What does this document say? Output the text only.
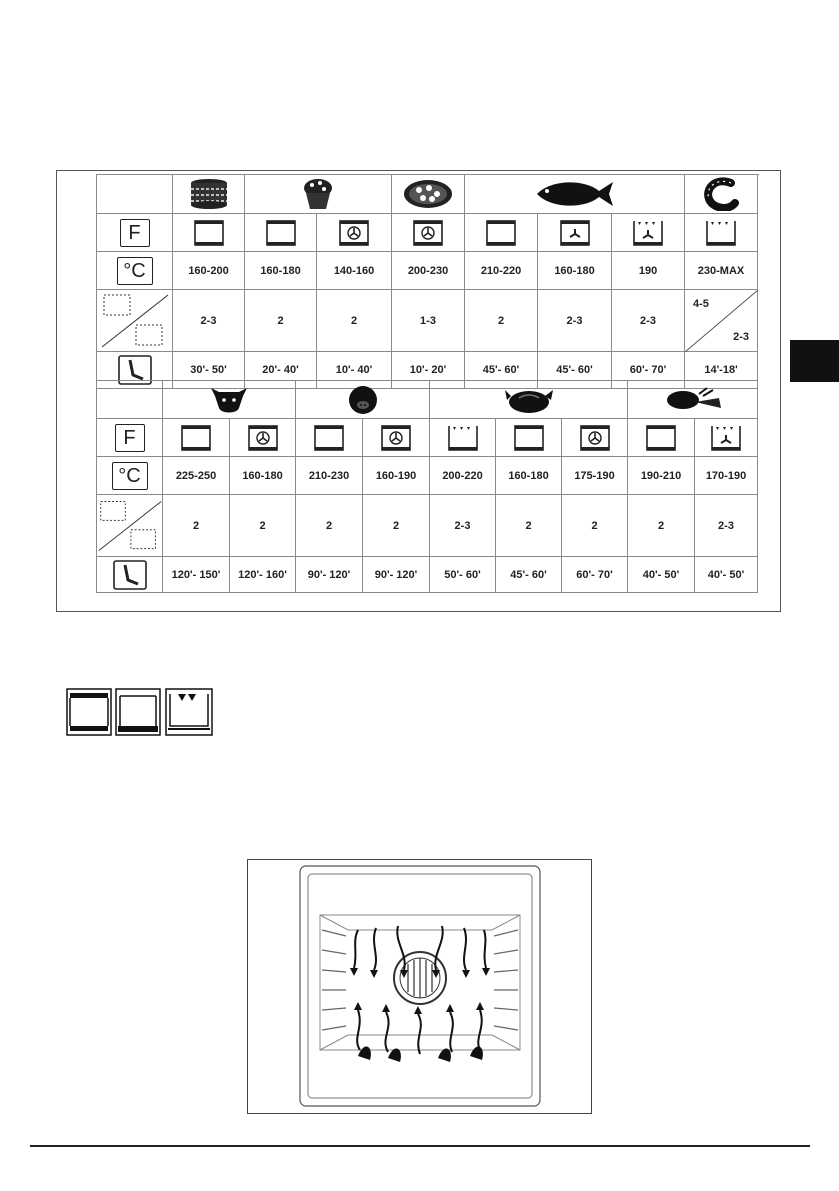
F	

°C	160-200	160-180	140-160	200-230	210-220	160-180	190	230-MAX

	2-3	2	2	1-3	2	2-3	2-3	4-5
2-3

	30'- 50'	20'- 40'	10'- 40'	10'- 20'	45'- 60'	45'- 60'	60'- 70'	14'-18'

F	

°C	225-250	160-180	210-230	160-190	200-220	160-180	175-190	190-210	170-190

	2	2	2	2	2-3	2	2	2	2-3

	120'- 150'	120'- 160'	90'- 120'	90'- 120'	50'- 60'	45'- 60'	60'- 70'	40'- 50'	40'- 50'
